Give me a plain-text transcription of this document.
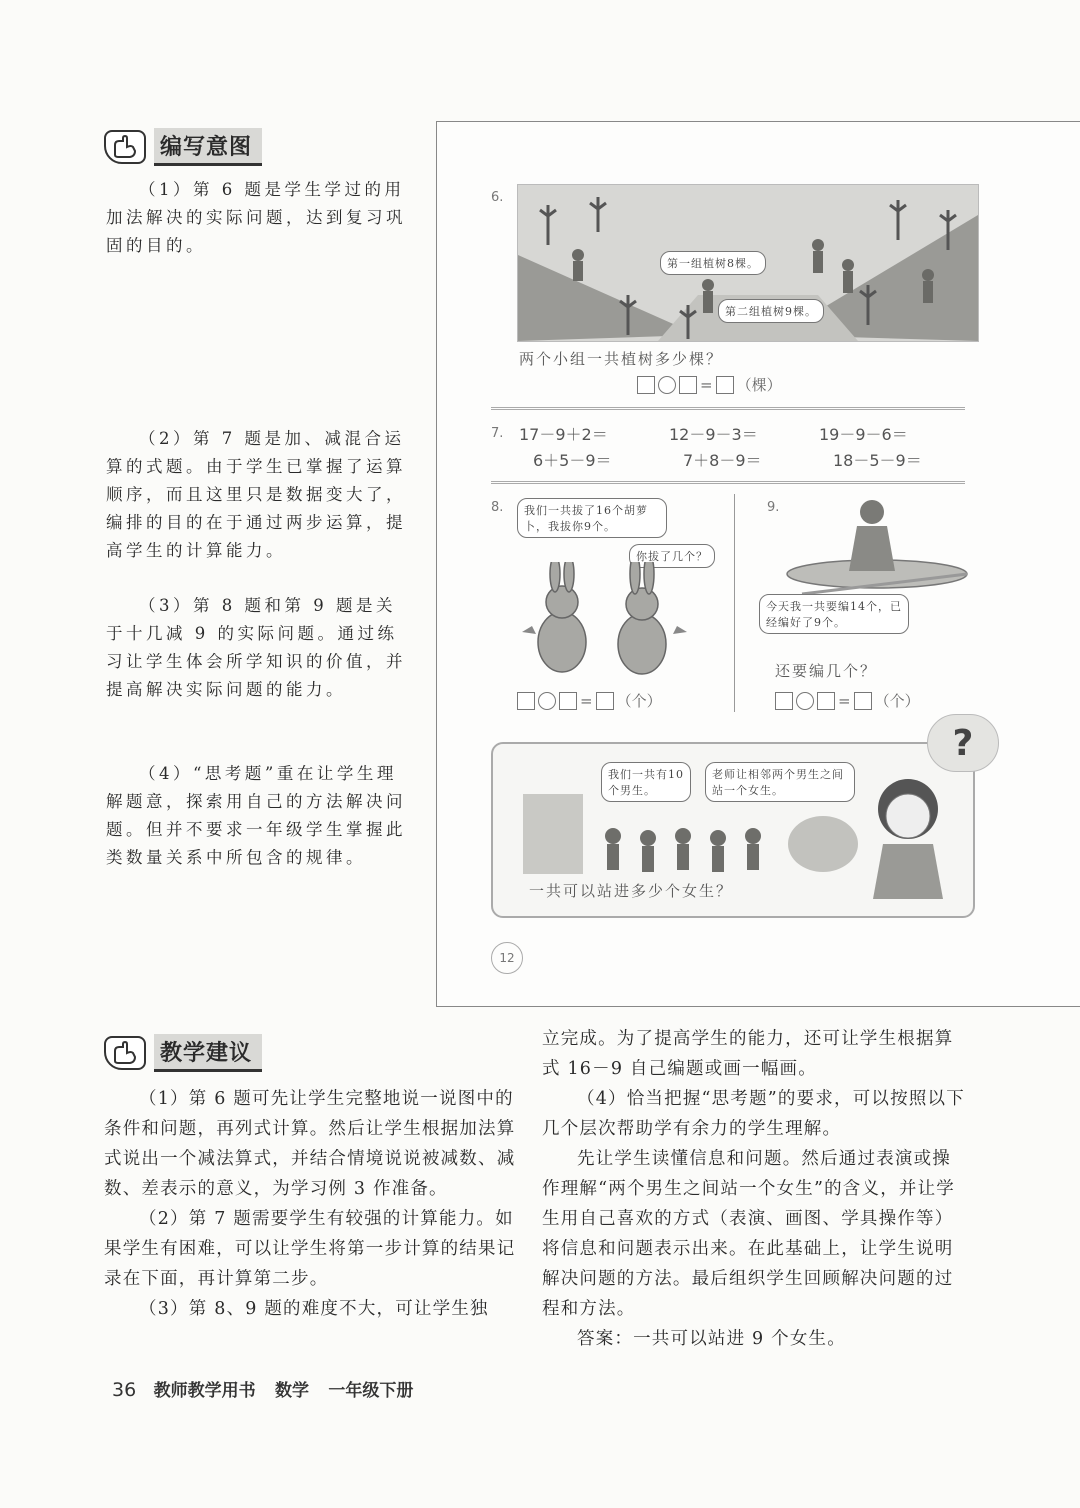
编写意图

（1）第 6 题是学生学过的用加法解决的实际问题，达到复习巩固的目的。

（2）第 7 题是加、减混合运算的式题。由于学生已掌握了运算顺序，而且这里只是数据变大了，编排的目的在于通过两步运算，提高学生的计算能力。

（3）第 8 题和第 9 题是关于十几减 9 的实际问题。通过练习让学生体会所学知识的价值，并提高解决实际问题的能力。

（4）“思考题”重在让学生理解题意，探索用自己的方法解决问题。但并不要求一年级学生掌握此类数量关系中所包含的规律。

6.
第一组植树8棵。
第二组植树9棵。
两个小组一共植树多少棵？
= （棵）
7. 17－9＋2＝	12－9－3＝	19－9－6＝
6＋5－9＝	7＋8－9＝	18－5－9＝
8.	我们一共拔了16个胡萝卜，我拔你9个。
你拔了几个？
= （个）
9.
今天我一共要编14个，已经编好了9个。
还要编几个？
= （个）
我们一共有10个男生。
老师让相邻两个男生之间站一个女生。
一共可以站进多少个女生？
?
12
教学建议

（1）第 6 题可先让学生完整地说一说图中的条件和问题，再列式计算。然后让学生根据加法算式说出一个减法算式，并结合情境说说被减数、减数、差表示的意义，为学习例 3 作准备。

（2）第 7 题需要学生有较强的计算能力。如果学生有困难，可以让学生将第一步计算的结果记录在下面，再计算第二步。

（3）第 8、9 题的难度不大，可让学生独

立完成。为了提高学生的能力，还可让学生根据算式 16－9 自己编题或画一幅画。

（4）恰当把握“思考题”的要求，可以按照以下几个层次帮助学有余力的学生理解。

先让学生读懂信息和问题。然后通过表演或操作理解“两个男生之间站一个女生”的含义，并让学生用自己喜欢的方式（表演、画图、学具操作等）将信息和问题表示出来。在此基础上，让学生说明解决问题的方法。最后组织学生回顾解决问题的过程和方法。

答案：一共可以站进 9 个女生。

36 教师教学用书 数学 一年级下册
